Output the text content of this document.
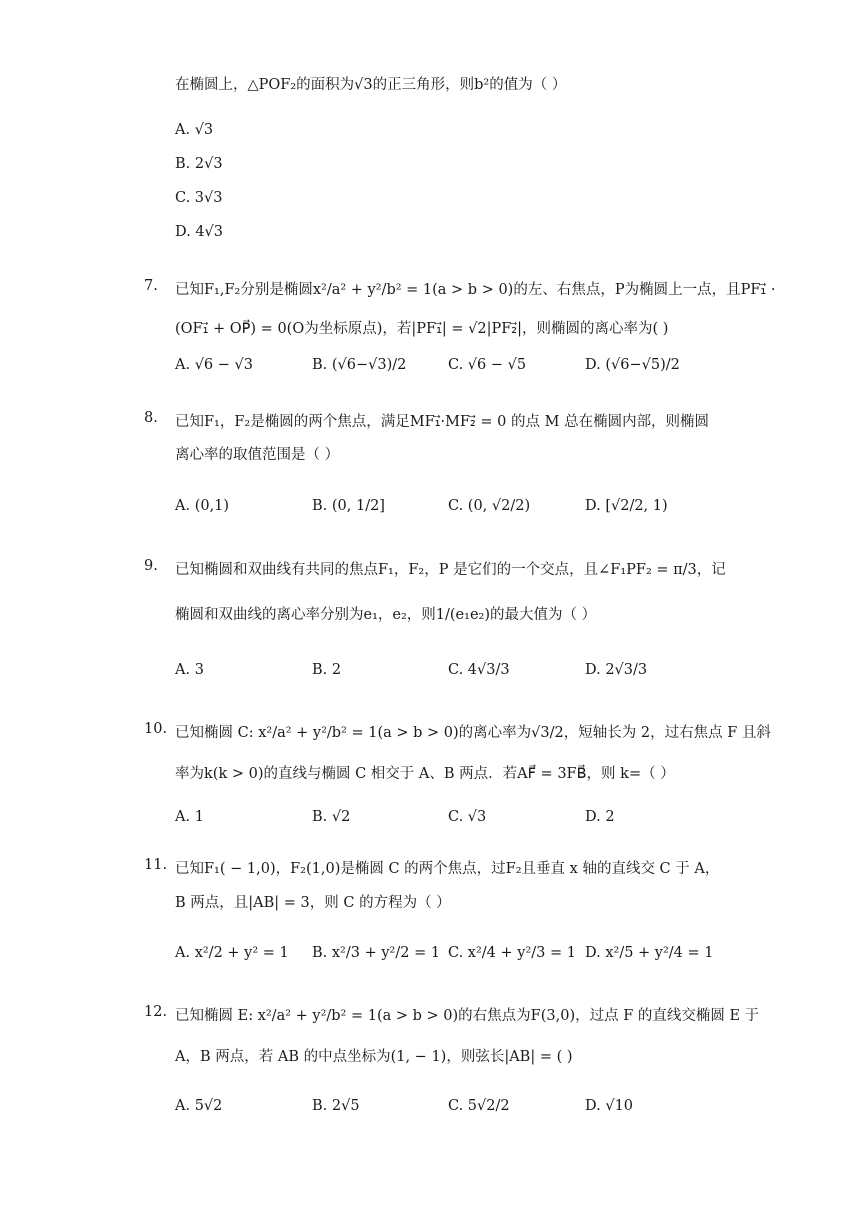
在椭圆上，△POF₂的面积为√3的正三角形，则b²的值为（ ）
A. √3
B. 2√3
C. 3√3
D. 4√3
7. 已知F₁,F₂分别是椭圆x²/a² + y²/b² = 1(a > b > 0)的左、右焦点，P为椭圆上一点，且PF₁⃗ ·
(OF₁⃗ + OP⃗) = 0(O为坐标原点)，若|PF₁⃗| = √2|PF₂⃗|，则椭圆的离心率为( )
A. √6 − √3	B. (√6−√3)/2	C. √6 − √5	D. (√6−√5)/2
8. 已知F₁，F₂是椭圆的两个焦点，满足MF₁⃗·MF₂⃗ = 0 的点 M 总在椭圆内部，则椭圆
离心率的取值范围是（ ）
A. (0,1)	B. (0, 1/2]	C. (0, √2/2)	D. [√2/2, 1)
9. 已知椭圆和双曲线有共同的焦点F₁，F₂，P 是它们的一个交点，且∠F₁PF₂ = π/3，记
椭圆和双曲线的离心率分别为e₁，e₂，则1/(e₁e₂)的最大值为（ ）
A. 3	B. 2	C. 4√3/3	D. 2√3/3
10. 已知椭圆 C: x²/a² + y²/b² = 1(a > b > 0)的离心率为√3/2，短轴长为 2，过右焦点 F 且斜
率为k(k > 0)的直线与椭圆 C 相交于 A、B 两点．若AF⃗ = 3FB⃗，则 k=（ ）
A. 1	B. √2	C. √3	D. 2
11. 已知F₁( − 1,0)，F₂(1,0)是椭圆 C 的两个焦点，过F₂且垂直 x 轴的直线交 C 于 A，
B 两点，且|AB| = 3，则 C 的方程为（ ）
A. x²/2 + y² = 1 B. x²/3 + y²/2 = 1 C. x²/4 + y²/3 = 1 D. x²/5 + y²/4 = 1
12. 已知椭圆 E: x²/a² + y²/b² = 1(a > b > 0)的右焦点为F(3,0)，过点 F 的直线交椭圆 E 于
A，B 两点，若 AB 的中点坐标为(1, − 1)，则弦长|AB| = ( )
A. 5√2	B. 2√5	C. 5√2/2	D. √10
